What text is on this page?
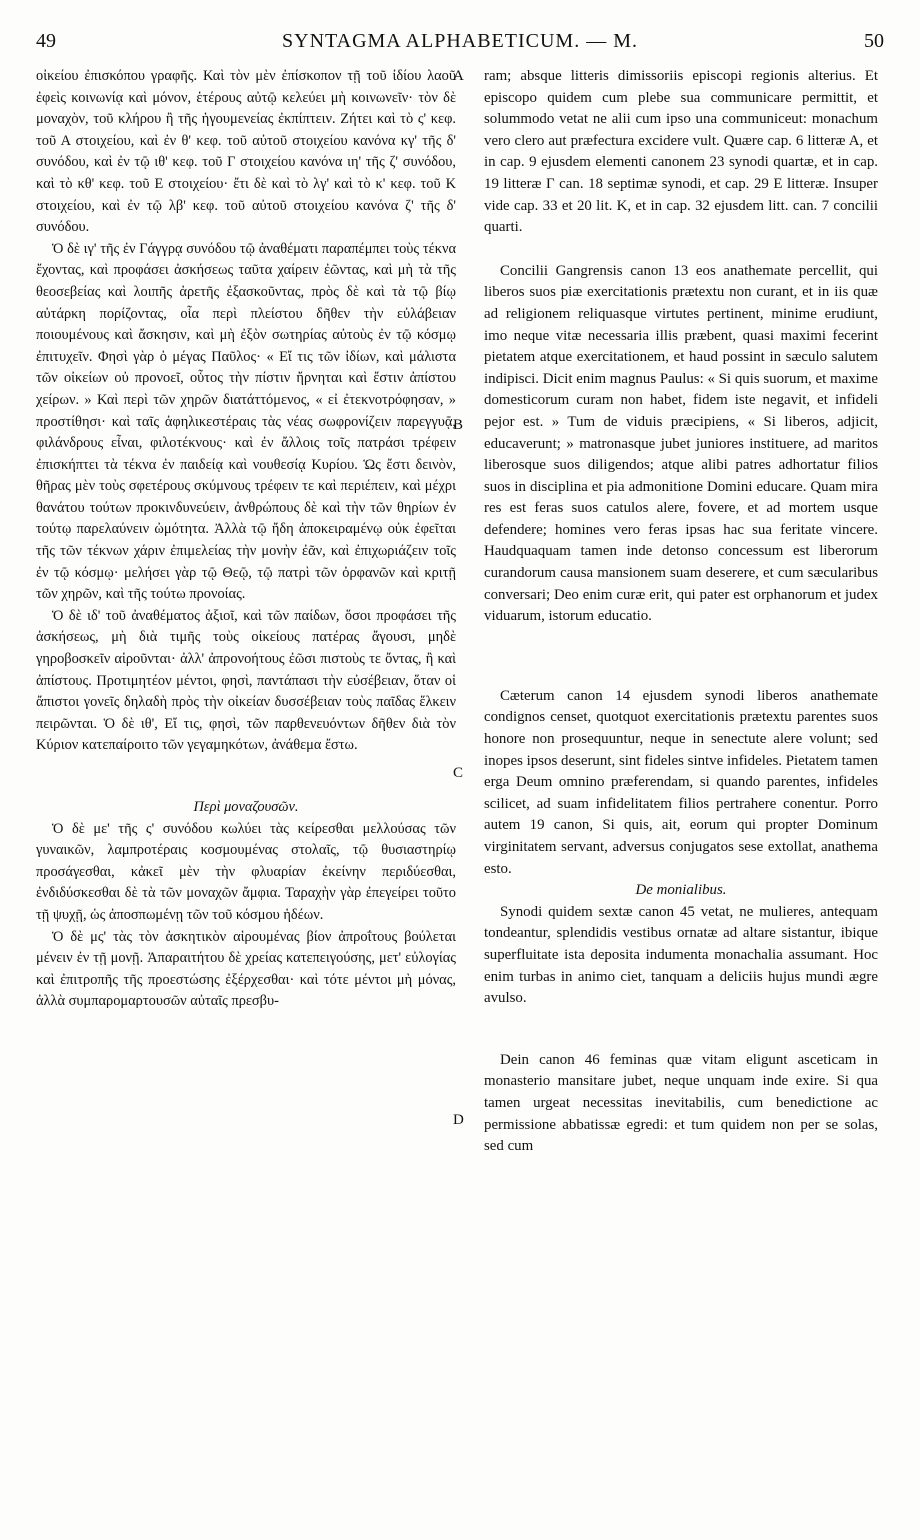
49	SYNTAGMA ALPHABETICUM. — M.	50

οἰκείου ἐπισκόπου γραφῆς. Καὶ τὸν μὲν ἐπίσκοπον τῇ τοῦ ἰδίου λαοῦ ἐφεὶς κοινωνίᾳ καὶ μόνον, ἑτέρους αὐτῷ κελεύει μὴ κοινωνεῖν· τὸν δὲ μοναχὸν, τοῦ κλήρου ἢ τῆς ἡγουμενείας ἐκπίπτειν. Ζήτει καὶ τὸ ς' κεφ. τοῦ Α στοιχείου, καὶ ἐν θ' κεφ. τοῦ αὐτοῦ στοιχείου κανόνα κγ' τῆς δ' συνόδου, καὶ ἐν τῷ ιθ' κεφ. τοῦ Γ στοιχείου κανόνα ιη' τῆς ζ' συνόδου, καὶ τὸ κθ' κεφ. τοῦ Ε στοιχείου· ἔτι δὲ καὶ τὸ λγ' καὶ τὸ κ' κεφ. τοῦ Κ στοιχείου, καὶ ἐν τῷ λβ' κεφ. τοῦ αὐτοῦ στοιχείου κανόνα ζ' τῆς δ' συνόδου.

Ὁ δὲ ιγ' τῆς ἐν Γάγγρᾳ συνόδου τῷ ἀναθέματι παραπέμπει τοὺς τέκνα ἔχοντας, καὶ προφάσει ἀσκήσεως ταῦτα χαίρειν ἐῶντας, καὶ μὴ τὰ τῆς θεοσεβείας καὶ λοιπῆς ἀρετῆς ἐξασκοῦντας, πρὸς δὲ καὶ τὰ τῷ βίῳ αὐτάρκη πορίζοντας, οἷα περὶ πλείστου δῆθεν τὴν εὐλάβειαν ποιουμένους καὶ ἄσκησιν, καὶ μὴ ἐξὸν σωτηρίας αὐτοὺς ἐν τῷ κόσμῳ ἐπιτυχεῖν. Φησὶ γὰρ ὁ μέγας Παῦλος· « Εἴ τις τῶν ἰδίων, καὶ μάλιστα τῶν οἰκείων οὐ προνοεῖ, οὗτος τὴν πίστιν ἤρνηται καὶ ἔστιν ἀπίστου χείρων. » Καὶ περὶ τῶν χηρῶν διατάττόμενος, « εἰ ἐτεκνοτρόφησαν, » προστίθησι· καὶ ταῖς ἀφηλικεστέραις τὰς νέας σωφρονίζειν παρεγγυᾷ, φιλάνδρους εἶναι, φιλοτέκνους· καὶ ἐν ἄλλοις τοῖς πατράσι τρέφειν ἐπισκήπτει τὰ τέκνα ἐν παιδείᾳ καὶ νουθεσίᾳ Κυρίου. Ὡς ἔστι δεινὸν, θῆρας μὲν τοὺς σφετέρους σκύμνους τρέφειν τε καὶ περιέπειν, καὶ μέχρι θανάτου τούτων προκινδυνεύειν, ἀνθρώπους δὲ καὶ τὴν τῶν θηρίων ἐν τούτῳ παρελαύνειν ὠμότητα. Ἀλλὰ τῷ ἤδη ἀποκειραμένῳ οὐκ ἐφεῖται τῆς τῶν τέκνων χάριν ἐπιμελείας τὴν μονὴν ἐᾶν, καὶ ἐπιχωριάζειν τοῖς ἐν τῷ κόσμῳ· μελήσει γὰρ τῷ Θεῷ, τῷ πατρὶ τῶν ὀρφανῶν καὶ κριτῇ τῶν χηρῶν, καὶ τῆς τούτω προνοίας.

Ὁ δὲ ιδ' τοῦ ἀναθέματος ἀξιοῖ, καὶ τῶν παίδων, ὅσοι προφάσει τῆς ἀσκήσεως, μὴ διὰ τιμῆς τοὺς οἰκείους πατέρας ἄγουσι, μηδὲ γηροβοσκεῖν αἱροῦνται· ἀλλ' ἀπρονοήτους ἐῶσι πιστοὺς τε ὄντας, ἢ καὶ ἀπίστους. Προτιμητέον μέντοι, φησὶ, παντάπασι τὴν εὐσέβειαν, ὅταν οἱ ἄπιστοι γονεῖς δηλαδὴ πρὸς τὴν οἰκείαν δυσσέβειαν τοὺς παῖδας ἕλκειν πειρῶνται. Ὁ δὲ ιθ', Εἴ τις, φησὶ, τῶν παρθενευόντων δῆθεν διὰ τὸν Κύριον κατεπαίροιτο τῶν γεγαμηκότων, ἀνάθεμα ἔστω.

Περὶ μοναζουσῶν.

Ὁ δὲ με' τῆς ς' συνόδου κωλύει τὰς κείρεσθαι μελλούσας τῶν γυναικῶν, λαμπροτέραις κοσμουμένας στολαῖς, τῷ θυσιαστηρίῳ προσάγεσθαι, κἀκεῖ μὲν τὴν φλυαρίαν ἐκείνην περιδύεσθαι, ἐνδιδύσκεσθαι δὲ τὰ τῶν μοναχῶν ἄμφια. Ταραχὴν γὰρ ἐπεγείρει τοῦτο τῇ ψυχῇ, ὡς ἀποσπωμένῃ τῶν τοῦ κόσμου ἡδέων.

Ὁ δὲ μς' τὰς τὸν ἀσκητικὸν αἱρουμένας βίον ἀπροΐτους βούλεται μένειν ἐν τῇ μονῇ. Ἀπαραιτήτου δὲ χρείας κατεπειγούσης, μετ' εὐλογίας καὶ ἐπιτροπῆς τῆς προεστώσης ἐξέρχεσθαι· καὶ τότε μέντοι μὴ μόνας, ἀλλὰ συμπαρομαρτουσῶν αὐταῖς πρεσβυ-

ram; absque litteris dimissoriis episcopi regionis alterius. Et episcopo quidem cum plebe sua communicare permittit, et solummodo vetat ne alii cum ipso una communiceut: monachum vero clero aut præfectura excidere vult. Quære cap. 6 litteræ A, et in cap. 9 ejusdem elementi canonem 23 synodi quartæ, et in cap. 19 litteræ Γ can. 18 septimæ synodi, et cap. 29 E litteræ. Insuper vide cap. 33 et 20 lit. K, et in cap. 32 ejusdem litt. can. 7 concilii quarti.

Concilii Gangrensis canon 13 eos anathemate percellit, qui liberos suos piæ exercitationis prætextu non curant, et in iis quæ ad religionem reliquasque virtutes pertinent, minime erudiunt, imo neque vitæ necessaria illis præbent, quasi maximi fecerint pietatem atque exercitationem, et haud possint in sæculo salutem indipisci. Dicit enim magnus Paulus: « Si quis suorum, et maxime domesticorum curam non habet, fidem iste negavit, et infideli pejor est. » Tum de viduis præcipiens, « Si liberos, adjicit, educaverunt; » matronasque jubet juniores instituere, ad maritos liberosque suos diligendos; atque alibi patres adhortatur filios suos in disciplina et pia admonitione Domini educare. Quam mira res est feras suos catulos alere, fovere, et ad mortem usque defendere; homines vero feras ipsas hac sua feritate vincere. Haudquaquam tamen inde detonso concessum est liberorum curandorum causa mansionem suam deserere, et cum sæcularibus conversari; Deo enim curæ erit, qui pater est orphanorum et judex viduarum, istorum educatio.

Cæterum canon 14 ejusdem synodi liberos anathemate condignos censet, quotquot exercitationis prætextu parentes suos honore non prosequuntur, neque in senectute alere volunt; sed inopes ipsos deserunt, sint fideles sintve infideles. Pietatem tamen erga Deum omnino præferendam, si quando parentes, infideles scilicet, ad suam infidelitatem filios pertrahere conentur. Porro autem 19 canon, Si quis, ait, eorum qui propter Dominum virginitatem servant, adversus conjugatos sese extollat, anathema esto.

De monialibus.

Synodi quidem sextæ canon 45 vetat, ne mulieres, antequam tondeantur, splendidis vestibus ornatæ ad altare sistantur, ibique superfluitate ista deposita indumenta monachalia assumant. Hoc enim turbas in animo ciet, tanquam a deliciis hujus mundi ægre avulso.

Dein canon 46 feminas quæ vitam eligunt asceticam in monasterio mansitare jubet, neque unquam inde exire. Si qua tamen urgeat necessitas inevitabilis, cum benedictione ac permissione abbatissæ egredi: et tum quidem non per se solas, sed cum

A
B
C
D
